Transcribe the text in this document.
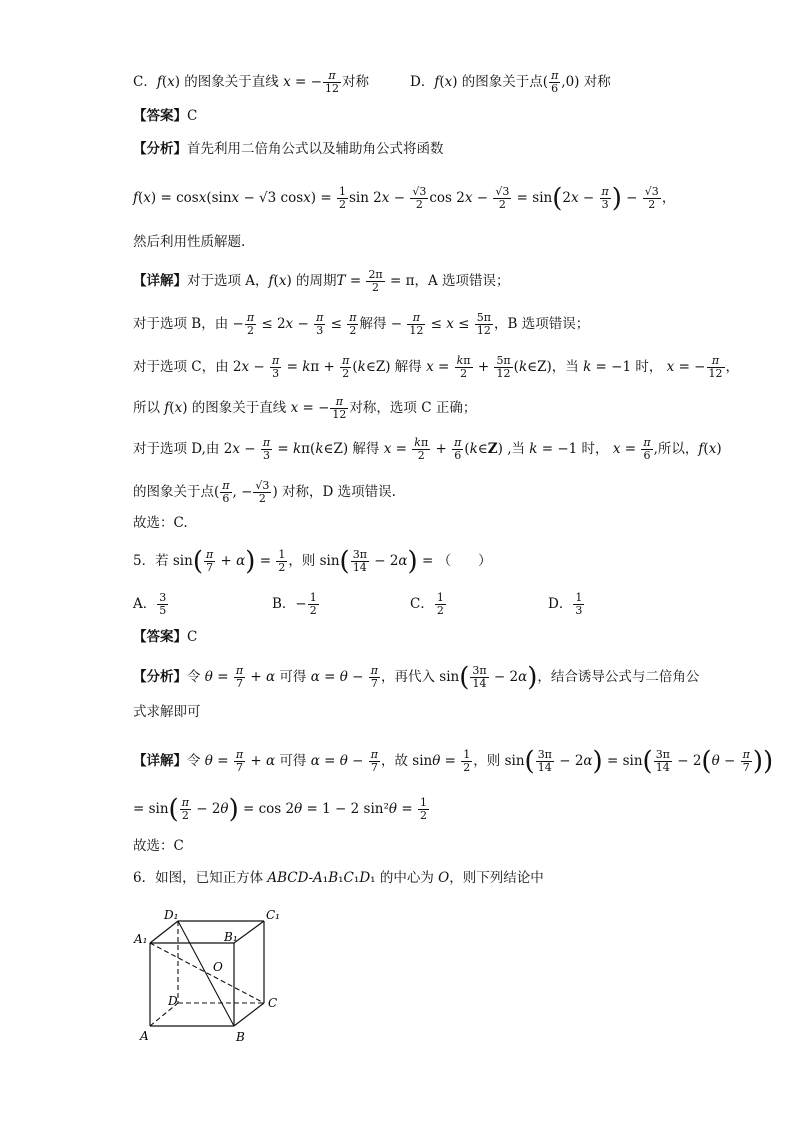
C．f(x) 的图象关于直线 x = − $\frac{\pi}{12}$ 对称	D．f(x) 的图象关于点( $\frac{\pi}{6} ,0$) 对称
【答案】C
【分析】首先利用二倍角公式以及辅助角公式将函数
f(x) = cosx(sinx − √3 $\cos x) = \frac{1}{2}$ $\sin 2x - \frac{√3}{2}$ $\cos 2x - \frac{√3}{2} = \sin(2x - \frac{\pi}{3}$ ) − $\frac{√3}{2}$ ，
然后利用性质解题.
【详解】对于选项 A，f(x) 的周期$T = \frac{2\pi}{2} = \pi$，A 选项错误；
对于选项 B，由 − $\frac{\pi}{2} \le 2x - \frac{\pi}{3} \le \frac{\pi}{2}$ 解得 − $\frac{\pi}{12} \le x \le \frac{5\pi}{12}$ ，B 选项错误；
对于选项 C，由 $2x - \frac{\pi}{3} = k\pi + \frac{\pi}{2}$ (k∈Z) 解得 $x = \frac{k\pi}{2} + \frac{5\pi}{12}$ (k∈Z)，当 k = −1 时， x = − $\frac{\pi}{12}$ ，
所以 f(x) 的图象关于直线 x = − $\frac{\pi}{12}$ 对称，选项 C 正确；
对于选项 D,由 $2x - \frac{\pi}{3}$ = kπ(k∈Z) 解得 $x = \frac{k\pi}{2} + \frac{\pi}{6}$ (k∈Z) ,当 k = −1 时， $x = \frac{\pi}{6}$ ,所以，f(x)
的图象关于点( $\frac{\pi}{6}$ , − $\frac{√3}{2}$ ) 对称，D 选项错误.
故选：C.
5．若 $\sin( \frac{\pi}{7} + \alpha) = \frac{1}{2}$ ，则 $\sin( \frac{3\pi}{14} - 2\alpha)$ = （　　）
A． $\frac{3}{5}$	B．− $\frac{1}{2}$	C． $\frac{1}{2}$	D． $\frac{1}{3}$
【答案】C
【分析】令 $\theta = \frac{\pi}{7} + \alpha$ 可得 $\alpha = \theta - \frac{\pi}{7}$ ，再代入 $\sin( \frac{3\pi}{14} - 2\alpha)$，结合诱导公式与二倍角公
式求解即可
【详解】令 $\theta = \frac{\pi}{7} + \alpha$ 可得 $\alpha = \theta - \frac{\pi}{7}$ ，故 $\sin\theta = \frac{1}{2}$ ，则 $\sin( \frac{3\pi}{14} - 2\alpha) = \sin( \frac{3\pi}{14} - 2(\theta - \frac{\pi}{7}$ ))
= $\sin( \frac{\pi}{2} - 2\theta) = \cos 2\theta = 1 - 2$ $\sin^2\theta = \frac{1}{2}$
故选：C
6．如图，已知正方体 ABCD-A₁B₁C₁D₁ 的中心为 O，则下列结论中
D₁	C₁
A₁	B₁
O
D	C
A	B
